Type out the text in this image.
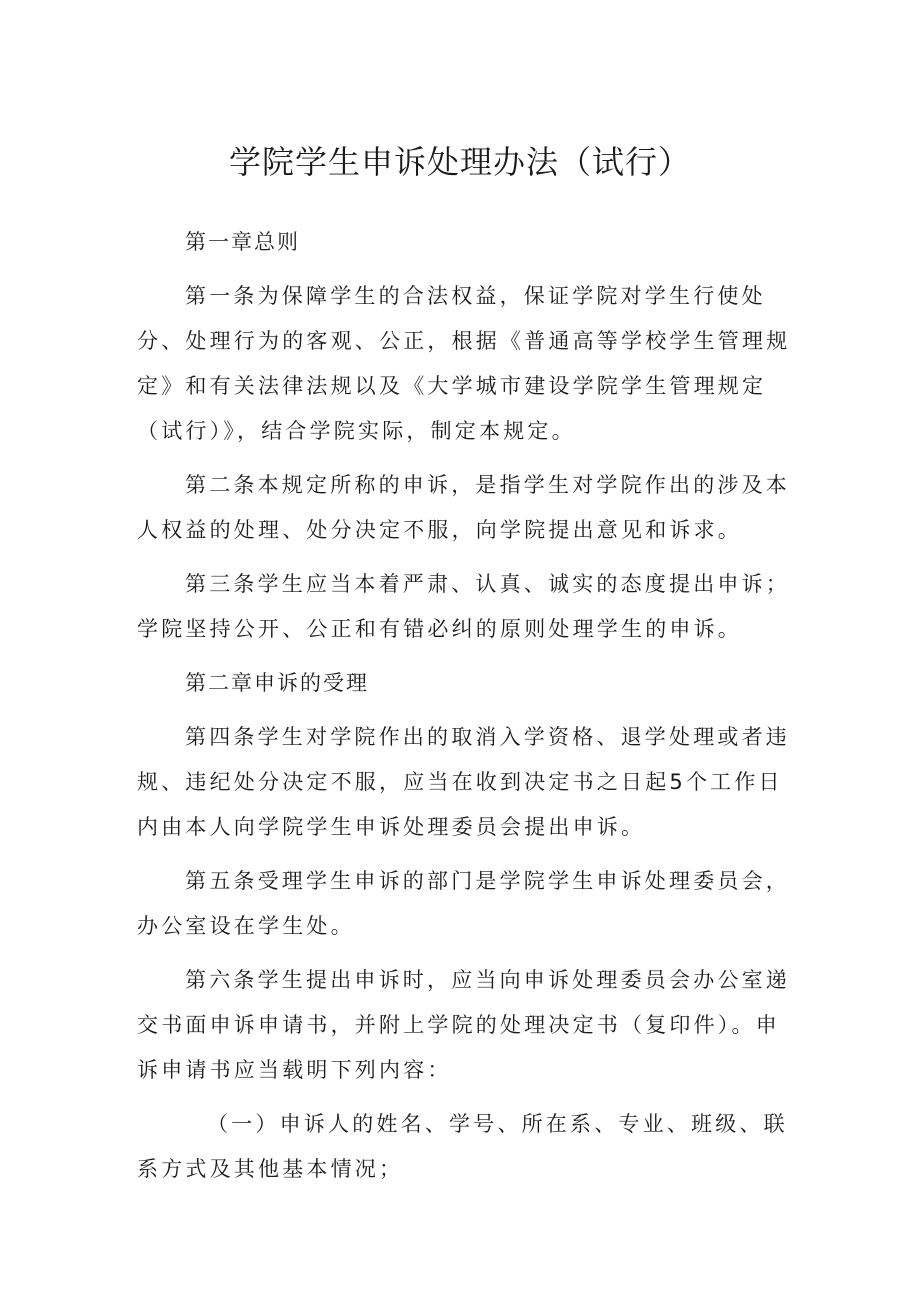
学院学生申诉处理办法（试行）

第一章总则

第一条为保障学生的合法权益，保证学院对学生行使处分、处理行为的客观、公正，根据《普通高等学校学生管理规定》和有关法律法规以及《大学城市建设学院学生管理规定（试行）》，结合学院实际，制定本规定。

第二条本规定所称的申诉，是指学生对学院作出的涉及本人权益的处理、处分决定不服，向学院提出意见和诉求。

第三条学生应当本着严肃、认真、诚实的态度提出申诉；学院坚持公开、公正和有错必纠的原则处理学生的申诉。

第二章申诉的受理

第四条学生对学院作出的取消入学资格、退学处理或者违规、违纪处分决定不服，应当在收到决定书之日起5个工作日内由本人向学院学生申诉处理委员会提出申诉。

第五条受理学生申诉的部门是学院学生申诉处理委员会，办公室设在学生处。

第六条学生提出申诉时，应当向申诉处理委员会办公室递交书面申诉申请书，并附上学院的处理决定书（复印件）。申诉申请书应当载明下列内容：

（一）申诉人的姓名、学号、所在系、专业、班级、联系方式及其他基本情况；
